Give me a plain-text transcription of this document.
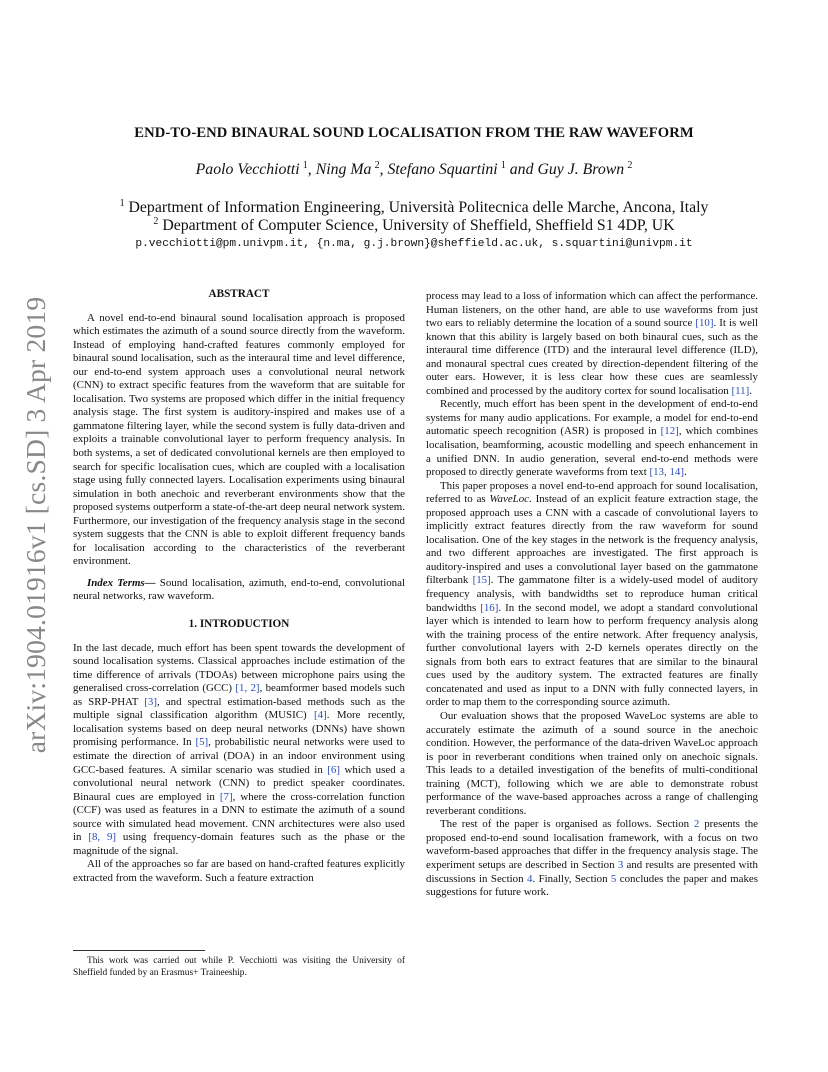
arXiv:1904.01916v1 [cs.SD] 3 Apr 2019
END-TO-END BINAURAL SOUND LOCALISATION FROM THE RAW WAVEFORM
Paolo Vecchiotti  $^1$, Ning Ma  $^2$, Stefano Squartini  $^1$ and Guy J. Brown  $^2$
$^1$ Department of Information Engineering, Università Politecnica delle Marche, Ancona, Italy
$^2$ Department of Computer Science, University of Sheffield, Sheffield S1 4DP, UK
p.vecchiotti@pm.univpm.it, {n.ma, g.j.brown}@sheffield.ac.uk, s.squartini@univpm.it
ABSTRACT

A novel end-to-end binaural sound localisation approach is proposed which estimates the azimuth of a sound source directly from the waveform. Instead of employing hand-crafted features commonly employed for binaural sound localisation, such as the interaural time and level difference, our end-to-end system approach uses a convolutional neural network (CNN) to extract specific features from the waveform that are suitable for localisation. Two systems are proposed which differ in the initial frequency analysis stage. The first system is auditory-inspired and makes use of a gammatone filtering layer, while the second system is fully data-driven and exploits a trainable convolutional layer to perform frequency analysis. In both systems, a set of dedicated convolutional kernels are then employed to search for specific localisation cues, which are coupled with a localisation stage using fully connected layers. Localisation experiments using binaural simulation in both anechoic and reverberant environments show that the proposed systems outperform a state-of-the-art deep neural network system. Furthermore, our investigation of the frequency analysis stage in the second system suggests that the CNN is able to exploit different frequency bands for localisation according to the characteristics of the reverberant environment.

Index Terms— Sound localisation, azimuth, end-to-end, convolutional neural networks, raw waveform.

1. INTRODUCTION

In the last decade, much effort has been spent towards the development of sound localisation systems. Classical approaches include estimation of the time difference of arrivals (TDOAs) between microphone pairs using the generalised cross-correlation (GCC) [1, 2], beamformer based models such as SRP-PHAT [3], and spectral estimation-based methods such as the multiple signal classification algorithm (MUSIC) [4]. More recently, localisation systems based on deep neural networks (DNNs) have shown promising performance. In [5], probabilistic neural networks were used to estimate the direction of arrival (DOA) in an indoor environment using GCC-based features. A similar scenario was studied in [6] which used a convolutional neural network (CNN) to predict speaker coordinates. Binaural cues are employed in [7], where the cross-correlation function (CCF) was used as features in a DNN to estimate the azimuth of a sound source with simulated head movement. CNN architectures were also used in [8, 9] using frequency-domain features such as the phase or the magnitude of the signal.

All of the approaches so far are based on hand-crafted features explicitly extracted from the waveform. Such a feature extraction

This work was carried out while P. Vecchiotti was visiting the University of Sheffield funded by an Erasmus+ Traineeship.

process may lead to a loss of information which can affect the performance. Human listeners, on the other hand, are able to use waveforms from just two ears to reliably determine the location of a sound source [10]. It is well known that this ability is largely based on both binaural cues, such as the interaural time difference (ITD) and the interaural level difference (ILD), and monaural spectral cues created by direction-dependent filtering of the outer ears. However, it is less clear how these cues are seamlessly combined and processed by the auditory cortex for sound localisation [11].

Recently, much effort has been spent in the development of end-to-end systems for many audio applications. For example, a model for end-to-end automatic speech recognition (ASR) is proposed in [12], which combines localisation, beamforming, acoustic modelling and speech enhancement in a unified DNN. In audio generation, several end-to-end methods were proposed to directly generate waveforms from text [13, 14].

This paper proposes a novel end-to-end approach for sound localisation, referred to as WaveLoc. Instead of an explicit feature extraction stage, the proposed approach uses a CNN with a cascade of convolutional layers to implicitly extract features directly from the raw waveform for sound localisation. One of the key stages in the network is the frequency analysis, and two different approaches are investigated. The first approach is auditory-inspired and uses a convolutional layer based on the gammatone filterbank [15]. The gammatone filter is a widely-used model of auditory frequency analysis, with bandwidths set to reproduce human critical bandwidths [16]. In the second model, we adopt a standard convolutional layer which is intended to learn how to perform frequency analysis along with the training process of the entire network. After frequency analysis, further convolutional layers with 2-D kernels operates directly on the signals from both ears to extract features that are similar to the binaural cues used by the auditory system. The extracted features are finally concatenated and used as input to a DNN with fully connected layers, in order to map them to the corresponding source azimuth.

Our evaluation shows that the proposed WaveLoc systems are able to accurately estimate the azimuth of a sound source in the anechoic condition. However, the performance of the data-driven WaveLoc approach is poor in reverberant conditions when trained only on anechoic signals. This leads to a detailed investigation of the benefits of multi-conditional training (MCT), following which we are able to demonstrate robust performance of the wave-based approaches across a range of challenging reverberant conditions.

The rest of the paper is organised as follows. Section 2 presents the proposed end-to-end sound localisation framework, with a focus on two waveform-based approaches that differ in the frequency analysis stage. The experiment setups are described in Section 3 and results are presented with discussions in Section 4. Finally, Section 5 concludes the paper and makes suggestions for future work.
